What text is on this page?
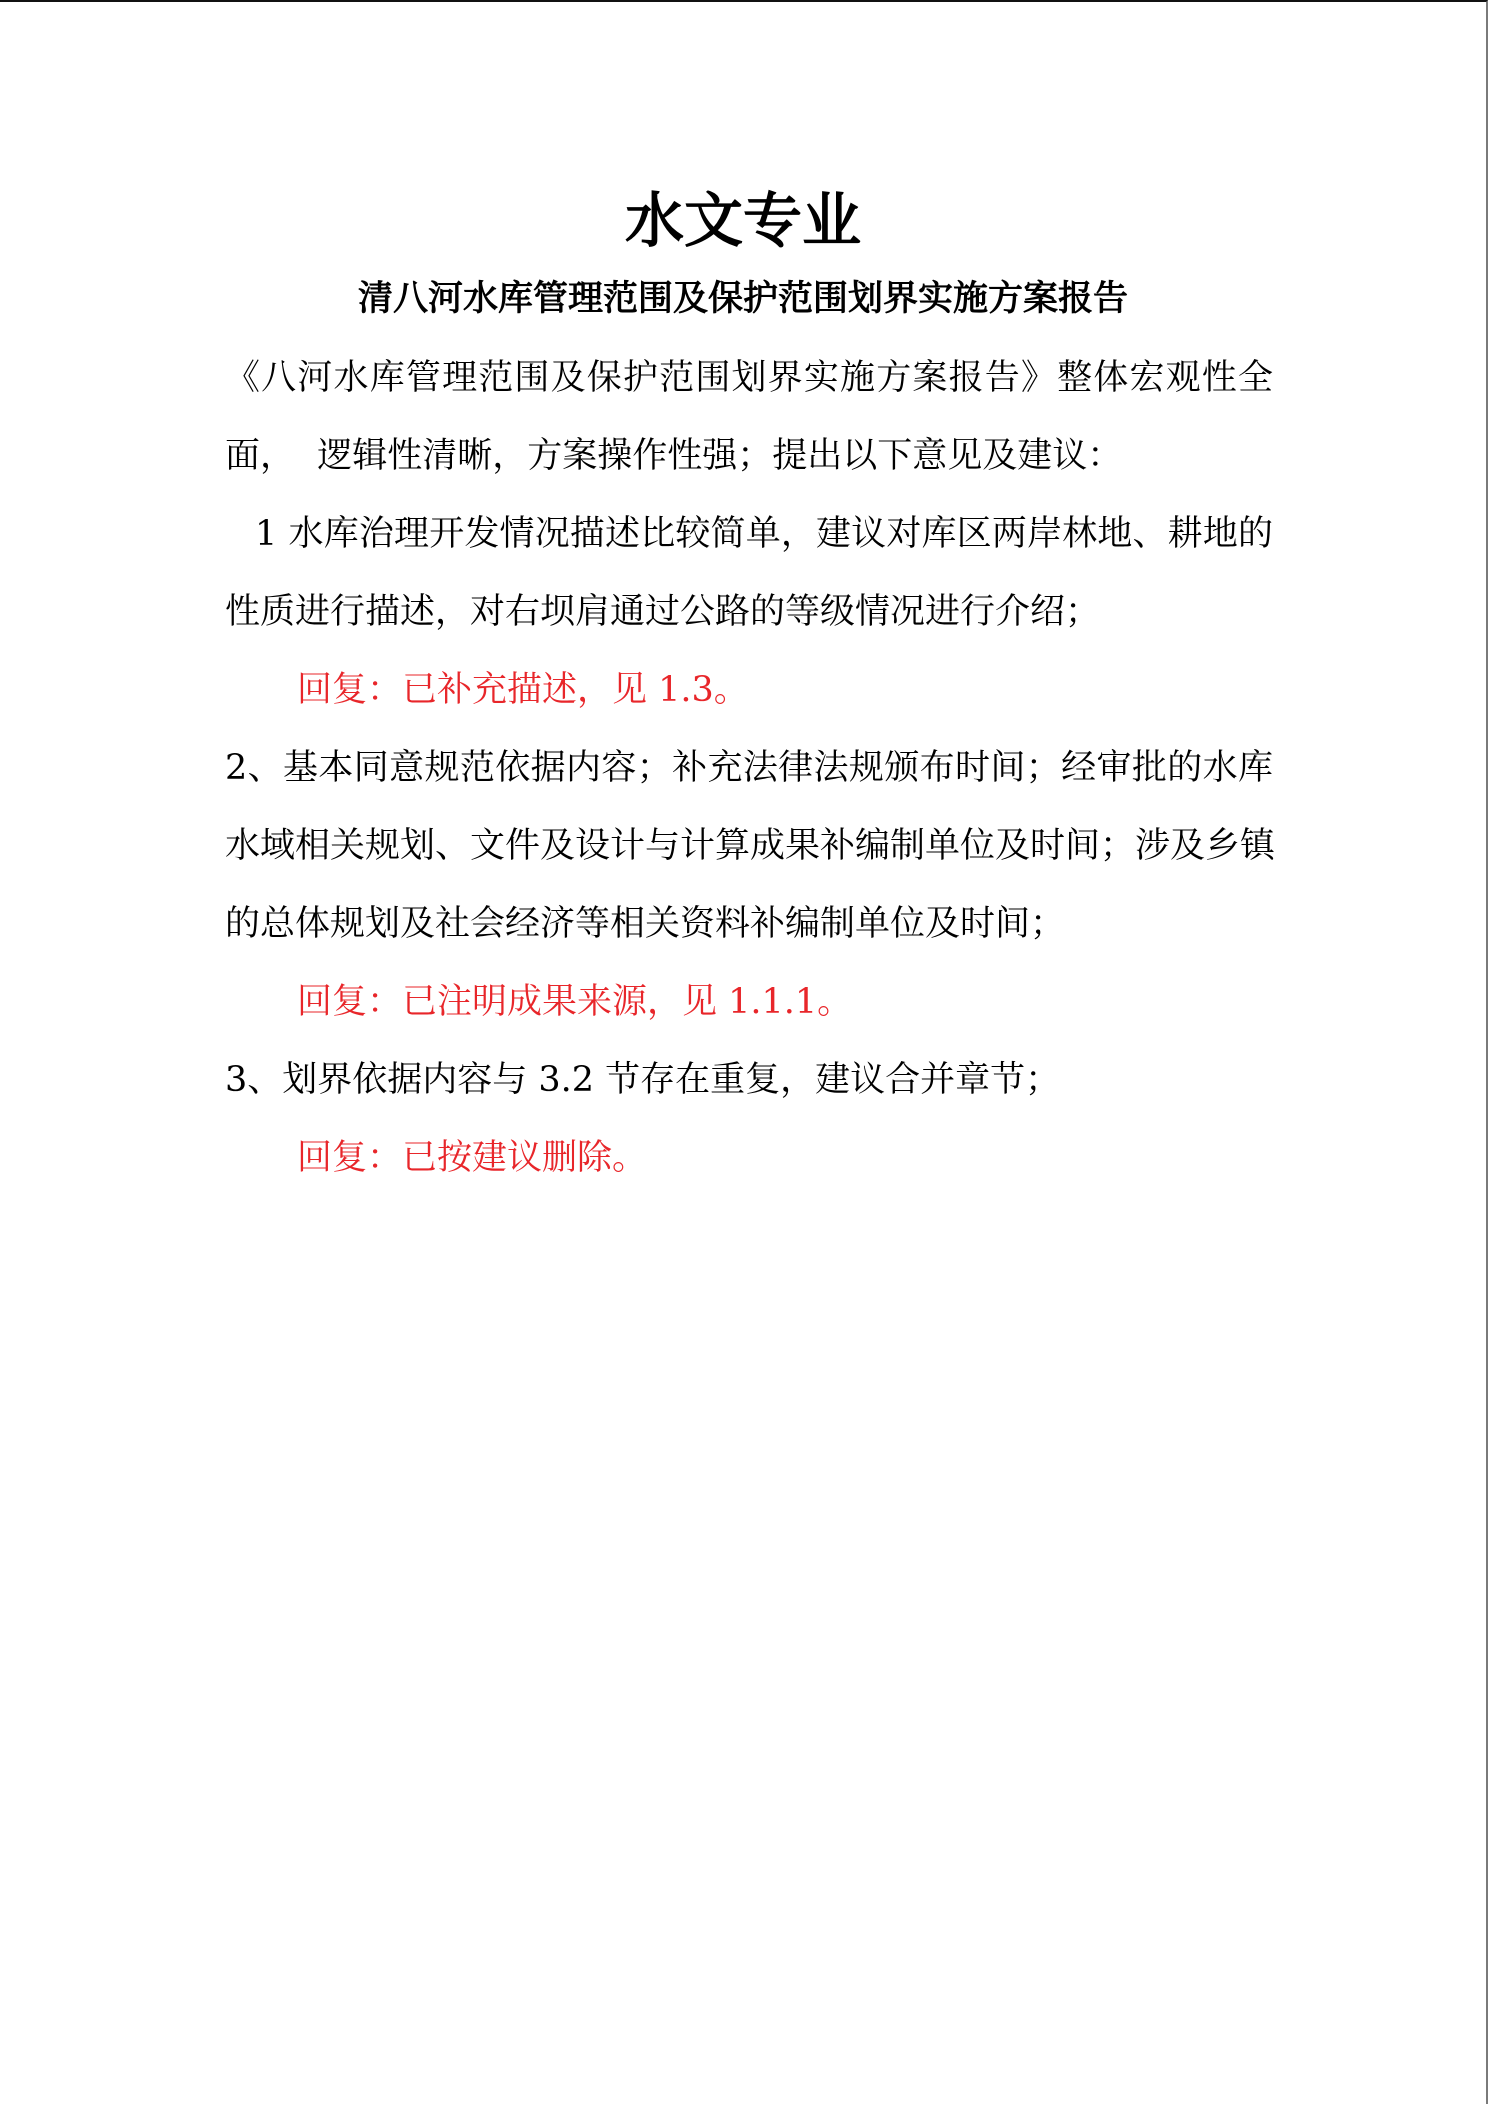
水文专业
清八河水库管理范围及保护范围划界实施方案报告
《八河水库管理范围及保护范围划界实施方案报告》整体宏观性全
面，  逻辑性清晰，方案操作性强；提出以下意见及建议：
1 水库治理开发情况描述比较简单，建议对库区两岸林地、耕地的
性质进行描述，对右坝肩通过公路的等级情况进行介绍；
回复：已补充描述，见 1.3。
2、基本同意规范依据内容；补充法律法规颁布时间；经审批的水库
水域相关规划、文件及设计与计算成果补编制单位及时间；涉及乡镇
的总体规划及社会经济等相关资料补编制单位及时间；
回复：已注明成果来源，见 1.1.1。
3、划界依据内容与 3.2 节存在重复，建议合并章节；
回复：已按建议删除。
